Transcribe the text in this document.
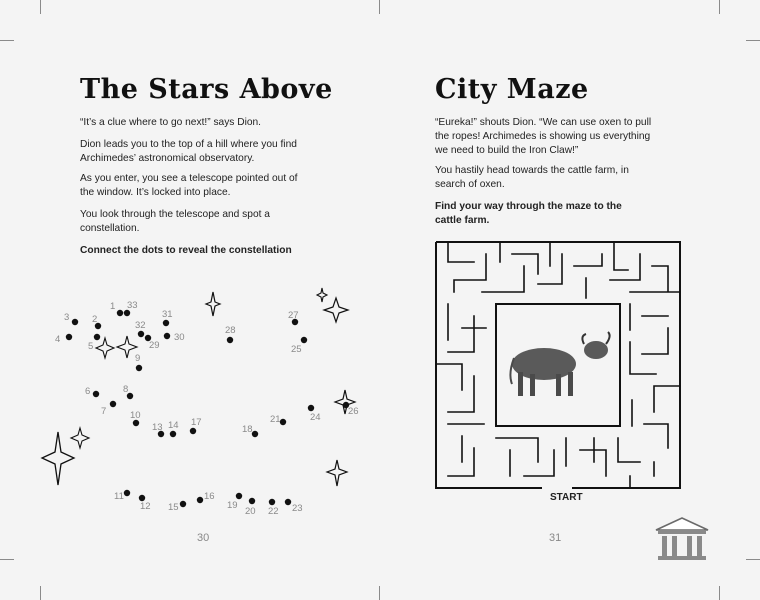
The Stars Above
“It’s a clue where to go next!” says Dion.
Dion leads you to the top of a hill where you find
Archimedes’ astronomical observatory.
As you enter, you see a telescope pointed out of
the window. It’s locked into place.
You look through the telescope and spot a
constellation.
Connect the dots to reveal the constellation
1
2
3
4
5
6
7
8
9
10
11
12
13 14
15
16
17
18
19
20
21
22 23
24
25
26
27
28
29
30
31
32
33
30
City Maze
“Eureka!” shouts Dion. “We can use oxen to pull
the ropes! Archimedes is showing us everything
we need to build the Iron Claw!”
You hastily head towards the cattle farm, in
search of oxen.
Find your way through the maze to the
cattle farm.
START
31
